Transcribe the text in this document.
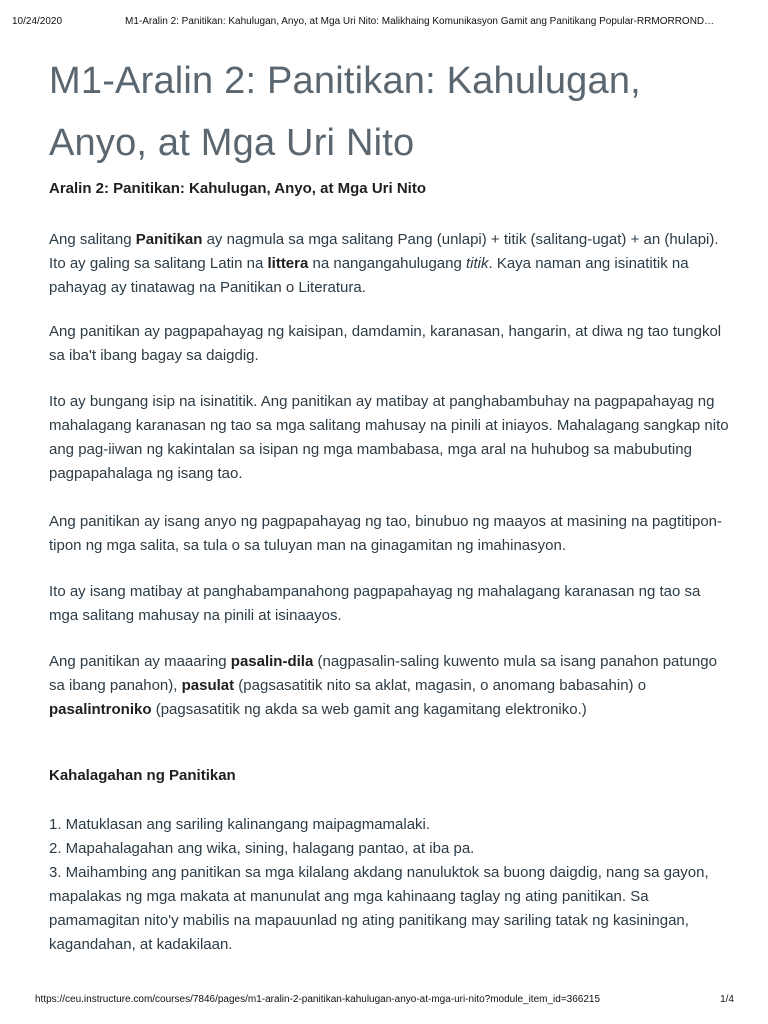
10/24/2020	M1-Aralin 2: Panitikan: Kahulugan, Anyo, at Mga Uri Nito: Malikhaing Komunikasyon Gamit ang Panitikang Popular-RRMORROND…
M1-Aralin 2: Panitikan: Kahulugan,
Anyo, at Mga Uri Nito
Aralin 2: Panitikan: Kahulugan, Anyo, at Mga Uri Nito

Ang salitang Panitikan ay nagmula sa mga salitang Pang (unlapi) + titik (salitang-ugat) + an (hulapi). Ito ay galing sa salitang Latin na littera na nangangahulugang titik. Kaya naman ang isinatitik na pahayag ay tinatawag na Panitikan o Literatura.

Ang panitikan ay pagpapahayag ng kaisipan, damdamin, karanasan, hangarin, at diwa ng tao tungkol sa iba't ibang bagay sa daigdig.

Ito ay bungang isip na isinatitik. Ang panitikan ay matibay at panghabambuhay na pagpapahayag ng mahalagang karanasan ng tao sa mga salitang mahusay na pinili at iniayos. Mahalagang sangkap nito ang pag-iiwan ng kakintalan sa isipan ng mga mambabasa, mga aral na huhubog sa mabubuting pagpapahalaga ng isang tao.

Ang panitikan ay isang anyo ng pagpapahayag ng tao, binubuo ng maayos at masining na pagtitipon-tipon ng mga salita, sa tula o sa tuluyan man na ginagamitan ng imahinasyon.

Ito ay isang matibay at panghabampanahong pagpapahayag ng mahalagang karanasan ng tao sa mga salitang mahusay na pinili at isinaayos.

Ang panitikan ay maaaring pasalin-dila (nagpasalin-saling kuwento mula sa isang panahon patungo sa ibang panahon), pasulat (pagsasatitik nito sa aklat, magasin, o anomang babasahin) o pasalintroniko (pagsasatitik ng akda sa web gamit ang kagamitang elektroniko.)

Kahalagahan ng Panitikan
1. Matuklasan ang sariling kalinangang maipagmamalaki.
2. Mapahalagahan ang wika, sining, halagang pantao, at iba pa.
3. Maihambing ang panitikan sa mga kilalang akdang nanuluktok sa buong daigdig, nang sa gayon, mapalakas ng mga makata at manunulat ang mga kahinaang taglay ng ating panitikan. Sa
pamamagitan nito'y mabilis na mapauunlad ng ating panitikang may sariling tatak ng kasiningan, kagandahan, at kadakilaan.
https://ceu.instructure.com/courses/7846/pages/m1-aralin-2-panitikan-kahulugan-anyo-at-mga-uri-nito?module_item_id=366215	1/4
